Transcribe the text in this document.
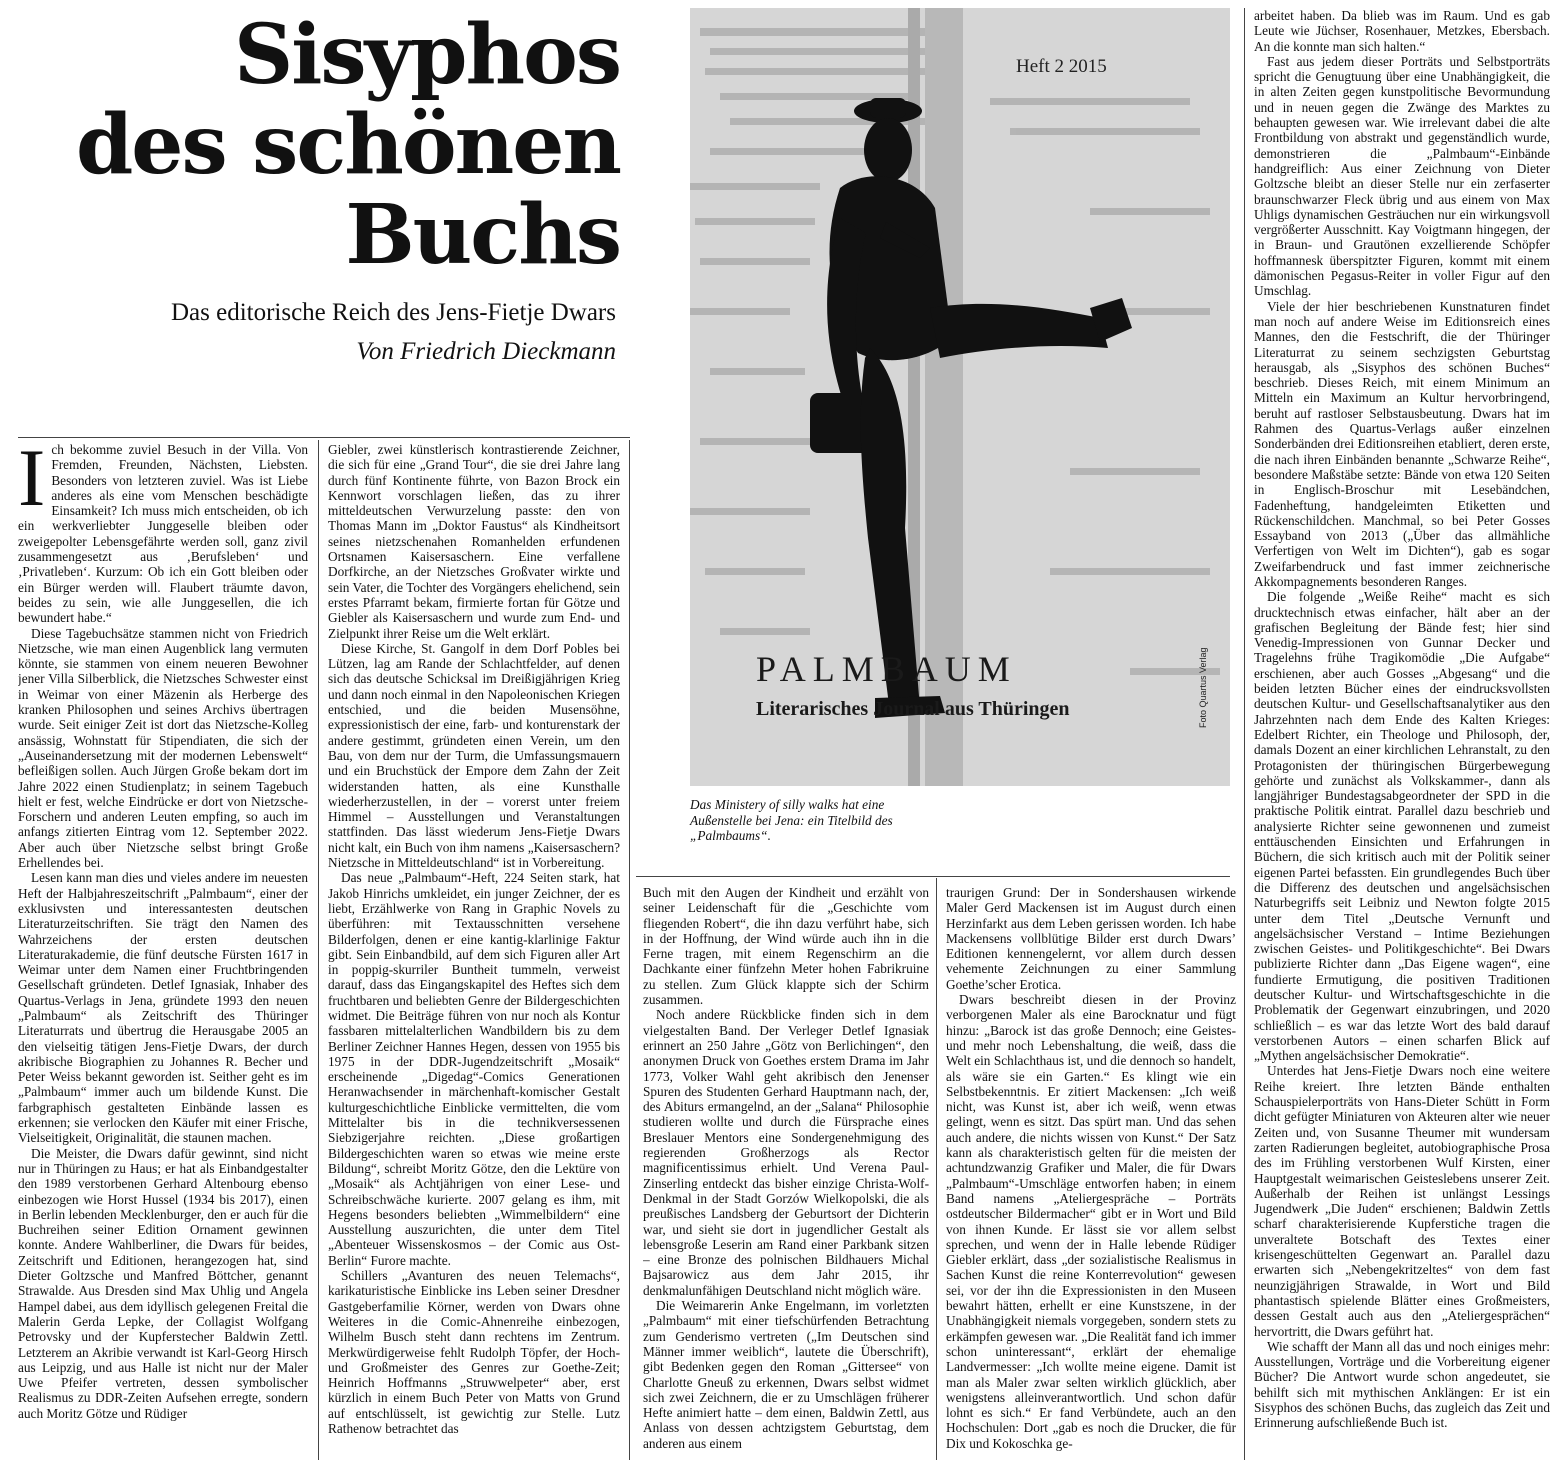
Sisyphos
des schönen
Buchs
Das editorische Reich des Jens-Fietje Dwars
Von Friedrich Dieckmann
Heft 2 2015
PALMBAUM
Literarisches Journal aus Thüringen	Foto Quartus Verlag
Das Ministery of silly walks hat eine Außenstelle bei Jena: ein Titelbild des „Palmbaums“.

Ich bekomme zuviel Besuch in der Villa. Von Fremden, Freunden, Nächsten, Liebsten. Besonders von letzteren zuviel. Was ist Liebe anderes als eine vom Menschen beschädigte Einsamkeit? Ich muss mich entscheiden, ob ich ein werkverliebter Junggeselle bleiben oder zweigepolter Lebensgefährte werden soll, ganz zivil zusammengesetzt aus ‚Berufsleben‘ und ‚Privatleben‘. Kurzum: Ob ich ein Gott bleiben oder ein Bürger werden will. Flaubert träumte davon, beides zu sein, wie alle Junggesellen, die ich bewundert habe.“

Diese Tagebuchsätze stammen nicht von Friedrich Nietzsche, wie man einen Augenblick lang vermuten könnte, sie stammen von einem neueren Bewohner jener Villa Silberblick, die Nietzsches Schwester einst in Weimar von einer Mäzenin als Herberge des kranken Philosophen und seines Archivs übertragen wurde. Seit einiger Zeit ist dort das Nietzsche-Kolleg ansässig, Wohnstatt für Stipendiaten, die sich der „Auseinandersetzung mit der modernen Lebenswelt“ befleißigen sollen. Auch Jürgen Große bekam dort im Jahre 2022 einen Studienplatz; in seinem Tagebuch hielt er fest, welche Eindrücke er dort von Nietzsche-Forschern und anderen Leuten empfing, so auch im anfangs zitierten Eintrag vom 12. September 2022. Aber auch über Nietzsche selbst bringt Große Erhellendes bei.

Lesen kann man dies und vieles andere im neuesten Heft der Halbjahreszeitschrift „Palmbaum“, einer der exklusivsten und interessantesten deutschen Literaturzeitschriften. Sie trägt den Namen des Wahrzeichens der ersten deutschen Literaturakademie, die fünf deutsche Fürsten 1617 in Weimar unter dem Namen einer Fruchtbringenden Gesellschaft gründeten. Detlef Ignasiak, Inhaber des Quartus-Verlags in Jena, gründete 1993 den neuen „Palmbaum“ als Zeitschrift des Thüringer Literaturrats und übertrug die Herausgabe 2005 an den vielseitig tätigen Jens-Fietje Dwars, der durch akribische Biographien zu Johannes R. Becher und Peter Weiss bekannt geworden ist. Seither geht es im „Palmbaum“ immer auch um bildende Kunst. Die farbgraphisch gestalteten Einbände lassen es erkennen; sie verlocken den Käufer mit einer Frische, Vielseitigkeit, Originalität, die staunen machen.

Die Meister, die Dwars dafür gewinnt, sind nicht nur in Thüringen zu Haus; er hat als Einbandgestalter den 1989 verstorbenen Gerhard Altenbourg ebenso einbezogen wie Horst Hussel (1934 bis 2017), einen in Berlin lebenden Mecklenburger, den er auch für die Buchreihen seiner Edition Ornament gewinnen konnte. Andere Wahlberliner, die Dwars für beides, Zeitschrift und Editionen, herangezogen hat, sind Dieter Goltzsche und Manfred Böttcher, genannt Strawalde. Aus Dresden sind Max Uhlig und Angela Hampel dabei, aus dem idyllisch gelegenen Freital die Malerin Gerda Lepke, der Collagist Wolfgang Petrovsky und der Kupferstecher Baldwin Zettl. Letzterem an Akribie verwandt ist Karl-Georg Hirsch aus Leipzig, und aus Halle ist nicht nur der Maler Uwe Pfeifer vertreten, dessen symbolischer Realismus zu DDR-Zeiten Aufsehen erregte, sondern auch Moritz Götze und Rüdiger

Giebler, zwei künstlerisch kontrastierende Zeichner, die sich für eine „Grand Tour“, die sie drei Jahre lang durch fünf Kontinente führte, von Bazon Brock ein Kennwort vorschlagen ließen, das zu ihrer mitteldeutschen Verwurzelung passte: den von Thomas Mann im „Doktor Faustus“ als Kindheitsort seines nietzschenahen Romanhelden erfundenen Ortsnamen Kaisersaschern. Eine verfallene Dorfkirche, an der Nietzsches Großvater wirkte und sein Vater, die Tochter des Vorgängers ehelichend, sein erstes Pfarramt bekam, firmierte fortan für Götze und Giebler als Kaisersaschern und wurde zum End- und Zielpunkt ihrer Reise um die Welt erklärt.

Diese Kirche, St. Gangolf in dem Dorf Pobles bei Lützen, lag am Rande der Schlachtfelder, auf denen sich das deutsche Schicksal im Dreißigjährigen Krieg und dann noch einmal in den Napoleonischen Kriegen entschied, und die beiden Musensöhne, expressionistisch der eine, farb- und konturenstark der andere gestimmt, gründeten einen Verein, um den Bau, von dem nur der Turm, die Umfassungsmauern und ein Bruchstück der Empore dem Zahn der Zeit widerstanden hatten, als eine Kunsthalle wiederherzustellen, in der – vorerst unter freiem Himmel – Ausstellungen und Veranstaltungen stattfinden. Das lässt wiederum Jens-Fietje Dwars nicht kalt, ein Buch von ihm namens „Kaisersaschern? Nietzsche in Mitteldeutschland“ ist in Vorbereitung.

Das neue „Palmbaum“-Heft, 224 Seiten stark, hat Jakob Hinrichs umkleidet, ein junger Zeichner, der es liebt, Erzählwerke von Rang in Graphic Novels zu überführen: mit Textausschnitten versehene Bilderfolgen, denen er eine kantig-klarlinige Faktur gibt. Sein Einbandbild, auf dem sich Figuren aller Art in poppig-skurriler Buntheit tummeln, verweist darauf, dass das Eingangskapitel des Heftes sich dem fruchtbaren und beliebten Genre der Bildergeschichten widmet. Die Beiträge führen von nur noch als Kontur fassbaren mittelalterlichen Wandbildern bis zu dem Berliner Zeichner Hannes Hegen, dessen von 1955 bis 1975 in der DDR-Jugendzeitschrift „Mosaik“ erscheinende „Digedag“-Comics Generationen Heranwachsender in märchenhaft-komischer Gestalt kulturgeschichtliche Einblicke vermittelten, die vom Mittelalter bis in die technikversessenen Siebzigerjahre reichten. „Diese großartigen Bildergeschichten waren so etwas wie meine erste Bildung“, schreibt Moritz Götze, den die Lektüre von „Mosaik“ als Achtjährigen von einer Lese- und Schreibschwäche kurierte. 2007 gelang es ihm, mit Hegens besonders beliebten „Wimmelbildern“ eine Ausstellung auszurichten, die unter dem Titel „Abenteuer Wissenskosmos – der Comic aus Ost-Berlin“ Furore machte.

Schillers „Avanturen des neuen Telemachs“, karikaturistische Einblicke ins Leben seiner Dresdner Gastgeberfamilie Körner, werden von Dwars ohne Weiteres in die Comic-Ahnenreihe einbezogen, Wilhelm Busch steht dann rechtens im Zentrum. Merkwürdigerweise fehlt Rudolph Töpfer, der Hoch- und Großmeister des Genres zur Goethe-Zeit; Heinrich Hoffmanns „Struwwelpeter“ aber, erst kürzlich in einem Buch Peter von Matts von Grund auf entschlüsselt, ist gewichtig zur Stelle. Lutz Rathenow betrachtet das

Buch mit den Augen der Kindheit und erzählt von seiner Leidenschaft für die „Geschichte vom fliegenden Robert“, die ihn dazu verführt habe, sich in der Hoffnung, der Wind würde auch ihn in die Ferne tragen, mit einem Regenschirm an die Dachkante einer fünfzehn Meter hohen Fabrikruine zu stellen. Zum Glück klappte sich der Schirm zusammen.

Noch andere Rückblicke finden sich in dem vielgestalten Band. Der Verleger Detlef Ignasiak erinnert an 250 Jahre „Götz von Berlichingen“, den anonymen Druck von Goethes erstem Drama im Jahr 1773, Volker Wahl geht akribisch den Jenenser Spuren des Studenten Gerhard Hauptmann nach, der, des Abiturs ermangelnd, an der „Salana“ Philosophie studieren wollte und durch die Fürsprache eines Breslauer Mentors eine Sondergenehmigung des regierenden Großherzogs als Rector magnificentissimus erhielt. Und Verena Paul-Zinserling entdeckt das bisher einzige Christa-Wolf-Denkmal in der Stadt Gorzów Wielkopolski, die als preußisches Landsberg der Geburtsort der Dichterin war, und sieht sie dort in jugendlicher Gestalt als lebensgroße Leserin am Rand einer Parkbank sitzen – eine Bronze des polnischen Bildhauers Michal Bajsarowicz aus dem Jahr 2015, ihr denkmalunfähigen Deutschland nicht möglich wäre.

Die Weimarerin Anke Engelmann, im vorletzten „Palmbaum“ mit einer tiefschürfenden Betrachtung zum Genderismo vertreten („Im Deutschen sind Männer immer weiblich“, lautete die Überschrift), gibt Bedenken gegen den Roman „Gittersee“ von Charlotte Gneuß zu erkennen, Dwars selbst widmet sich zwei Zeichnern, die er zu Umschlägen früherer Hefte animiert hatte – dem einen, Baldwin Zettl, aus Anlass von dessen achtzigstem Geburtstag, dem anderen aus einem

traurigen Grund: Der in Sondershausen wirkende Maler Gerd Mackensen ist im August durch einen Herzinfarkt aus dem Leben gerissen worden. Ich habe Mackensens vollblütige Bilder erst durch Dwars’ Editionen kennengelernt, vor allem durch dessen vehemente Zeichnungen zu einer Sammlung Goethe’scher Erotica.

Dwars beschreibt diesen in der Provinz verborgenen Maler als eine Barocknatur und fügt hinzu: „Barock ist das große Dennoch; eine Geistes- und mehr noch Lebenshaltung, die weiß, dass die Welt ein Schlachthaus ist, und die dennoch so handelt, als wäre sie ein Garten.“ Es klingt wie ein Selbstbekenntnis. Er zitiert Mackensen: „Ich weiß nicht, was Kunst ist, aber ich weiß, wenn etwas gelingt, wenn es sitzt. Das spürt man. Und das sehen auch andere, die nichts wissen von Kunst.“ Der Satz kann als charakteristisch gelten für die meisten der achtundzwanzig Grafiker und Maler, die für Dwars „Palmbaum“-Umschläge entworfen haben; in einem Band namens „Ateliergespräche – Porträts ostdeutscher Bildermacher“ gibt er in Wort und Bild von ihnen Kunde. Er lässt sie vor allem selbst sprechen, und wenn der in Halle lebende Rüdiger Giebler erklärt, dass „der sozialistische Realismus in Sachen Kunst die reine Konterrevolution“ gewesen sei, vor der ihn die Expressionisten in den Museen bewahrt hätten, erhellt er eine Kunstszene, in der Unabhängigkeit niemals vorgegeben, sondern stets zu erkämpfen gewesen war. „Die Realität fand ich immer schon uninteressant“, erklärt der ehemalige Landvermesser: „Ich wollte meine eigene. Damit ist man als Maler zwar selten wirklich glücklich, aber wenigstens alleinverantwortlich. Und schon dafür lohnt es sich.“ Er fand Verbündete, auch an den Hochschulen: Dort „gab es noch die Drucker, die für Dix und Kokoschka ge-

arbeitet haben. Da blieb was im Raum. Und es gab Leute wie Jüchser, Rosenhauer, Metzkes, Ebersbach. An die konnte man sich halten.“

Fast aus jedem dieser Porträts und Selbstporträts spricht die Genugtuung über eine Unabhängigkeit, die in alten Zeiten gegen kunstpolitische Bevormundung und in neuen gegen die Zwänge des Marktes zu behaupten gewesen war. Wie irrelevant dabei die alte Frontbildung von abstrakt und gegenständlich wurde, demonstrieren die „Palmbaum“-Einbände handgreiflich: Aus einer Zeichnung von Dieter Goltzsche bleibt an dieser Stelle nur ein zerfaserter braunschwarzer Fleck übrig und aus einem von Max Uhligs dynamischen Gesträuchen nur ein wirkungsvoll vergrößerter Ausschnitt. Kay Voigtmann hingegen, der in Braun- und Grautönen exzellierende Schöpfer hoffmannesk überspitzter Figuren, kommt mit einem dämonischen Pegasus-Reiter in voller Figur auf den Umschlag.

Viele der hier beschriebenen Kunstnaturen findet man noch auf andere Weise im Editionsreich eines Mannes, den die Festschrift, die der Thüringer Literaturrat zu seinem sechzigsten Geburtstag herausgab, als „Sisyphos des schönen Buches“ beschrieb. Dieses Reich, mit einem Minimum an Mitteln ein Maximum an Kultur hervorbringend, beruht auf rastloser Selbstausbeutung. Dwars hat im Rahmen des Quartus-Verlags außer einzelnen Sonderbänden drei Editionsreihen etabliert, deren erste, die nach ihren Einbänden benannte „Schwarze Reihe“, besondere Maßstäbe setzte: Bände von etwa 120 Seiten in Englisch-Broschur mit Lesebändchen, Fadenheftung, handgeleimten Etiketten und Rückenschildchen. Manchmal, so bei Peter Gosses Essayband von 2013 („Über das allmähliche Verfertigen von Welt im Dichten“), gab es sogar Zweifarbendruck und fast immer zeichnerische Akkompagnements besonderen Ranges.

Die folgende „Weiße Reihe“ macht es sich drucktechnisch etwas einfacher, hält aber an der grafischen Begleitung der Bände fest; hier sind Venedig-Impressionen von Gunnar Decker und Tragelehns frühe Tragikomödie „Die Aufgabe“ erschienen, aber auch Gosses „Abgesang“ und die beiden letzten Bücher eines der eindrucksvollsten deutschen Kultur- und Gesellschaftsanalytiker aus den Jahrzehnten nach dem Ende des Kalten Krieges: Edelbert Richter, ein Theologe und Philosoph, der, damals Dozent an einer kirchlichen Lehranstalt, zu den Protagonisten der thüringischen Bürgerbewegung gehörte und zunächst als Volkskammer-, dann als langjähriger Bundestagsabgeordneter der SPD in die praktische Politik eintrat. Parallel dazu beschrieb und analysierte Richter seine gewonnenen und zumeist enttäuschenden Einsichten und Erfahrungen in Büchern, die sich kritisch auch mit der Politik seiner eigenen Partei befassten. Ein grundlegendes Buch über die Differenz des deutschen und angelsächsischen Naturbegriffs seit Leibniz und Newton folgte 2015 unter dem Titel „Deutsche Vernunft und angelsächsischer Verstand – Intime Beziehungen zwischen Geistes- und Politikgeschichte“. Bei Dwars publizierte Richter dann „Das Eigene wagen“, eine fundierte Ermutigung, die positiven Traditionen deutscher Kultur- und Wirtschaftsgeschichte in die Problematik der Gegenwart einzubringen, und 2020 schließlich – es war das letzte Wort des bald darauf verstorbenen Autors – einen scharfen Blick auf „Mythen angelsächsischer Demokratie“.

Unterdes hat Jens-Fietje Dwars noch eine weitere Reihe kreiert. Ihre letzten Bände enthalten Schauspielerporträts von Hans-Dieter Schütt in Form dicht gefügter Miniaturen von Akteuren alter wie neuer Zeiten und, von Susanne Theumer mit wundersam zarten Radierungen begleitet, autobiographische Prosa des im Frühling verstorbenen Wulf Kirsten, einer Hauptgestalt weimarischen Geisteslebens unserer Zeit. Außerhalb der Reihen ist unlängst Lessings Jugendwerk „Die Juden“ erschienen; Baldwin Zettls scharf charakterisierende Kupferstiche tragen die unveraltete Botschaft des Textes einer krisengeschüttelten Gegenwart an. Parallel dazu erwarten sich „Nebengekritzeltes“ von dem fast neunzigjährigen Strawalde, in Wort und Bild phantastisch spielende Blätter eines Großmeisters, dessen Gestalt auch aus den „Ateliergesprächen“ hervortritt, die Dwars geführt hat.

Wie schafft der Mann all das und noch einiges mehr: Ausstellungen, Vorträge und die Vorbereitung eigener Bücher? Die Antwort wurde schon angedeutet, sie behilft sich mit mythischen Anklängen: Er ist ein Sisyphos des schönen Buchs, das zugleich das Zeit und Erinnerung aufschließende Buch ist.
